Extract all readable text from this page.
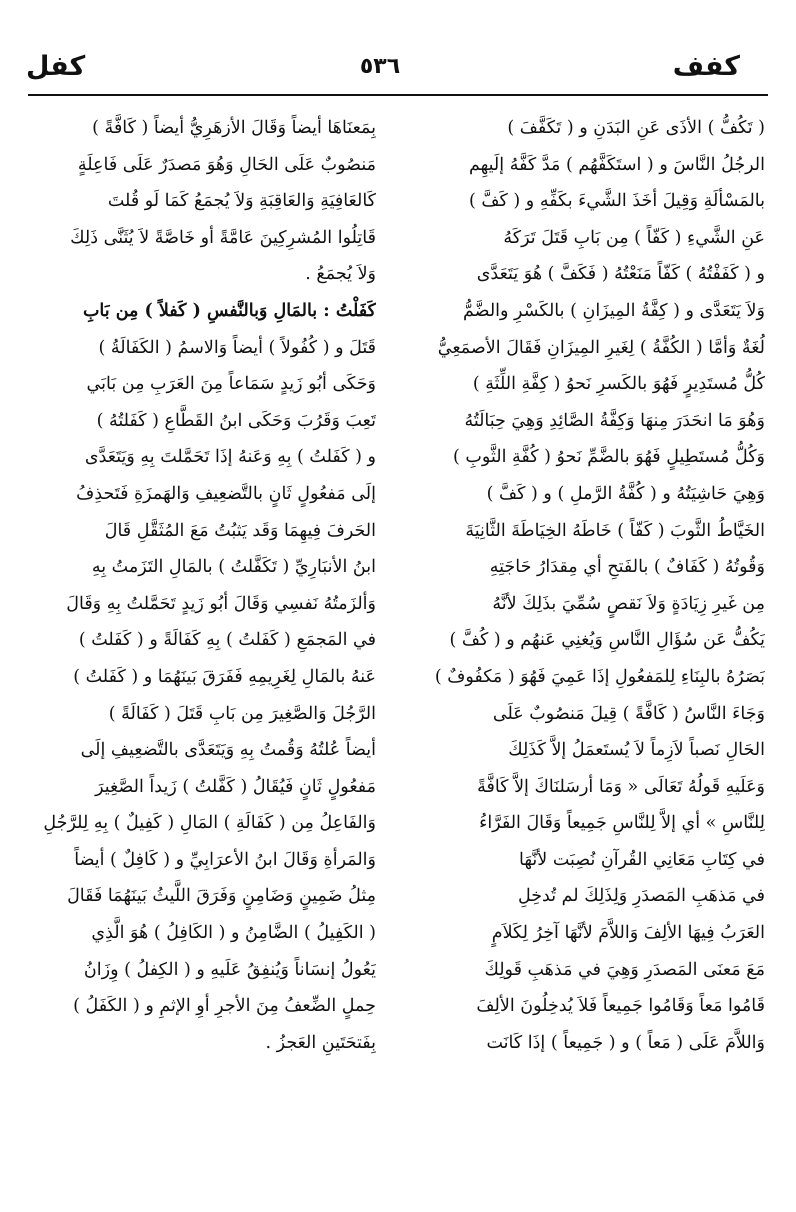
كفف
٥٣٦
كفل
( تَكُفُّ ) الأذَى عَنِ البَدَنِ و ( تَكَفَّفَ )
الرجُلُ النَّاسَ و ( استَكَفَّهُم ) مَدَّ كَفَّهُ إلَيهِم
بالمَسْألَةِ وَقِيلَ أخَذَ الشَّيءَ بكَفِّهِ و ( كَفَّ )
عَنِ الشَّيءِ ( كَفّاً ) مِن بَابِ قَتَلَ تَرَكَهُ
و ( كَفَفْتُهُ ) كَفّاً مَنَعْتُهُ ( فَكَفَّ ) هُوَ يَتَعَدَّى
وَلاَ يَتَعَدَّى و ( كِفَّةُ المِيزَانِ ) بالكَسْرِ والضَّمُّ
لُغَةٌ وَأمَّا ( الكُفَّةُ ) لِغَيرِ المِيزَانِ فَقَالَ الأصمَعِيُّ
كُلُّ مُستَدِيرٍ فَهُوَ بالكَسرِ نَحوُ ( كِفَّةِ اللِّثَةِ )
وَهُوَ مَا انحَدَرَ مِنهَا وَكِفَّةُ الصَّائِدِ وَهِيَ حِبَالَتُهُ
وَكُلُّ مُستَطِيلٍ فَهُوَ بالضَّمِّ نَحوُ ( كُفَّةِ الثَّوبِ )
وَهِيَ حَاشِيَتُهُ و ( كُفَّةُ الرَّملِ ) و ( كَفَّ )
الخَيَّاطُ الثَّوبَ ( كَفّاً ) خَاطَهُ الخِيَاطَةَ الثَّانِيَةَ
وَقُوتُهُ ( كَفَافٌ ) بالفَتحِ أي مِقدَارُ حَاجَتِهِ
مِن غَيرِ زِيَادَةٍ وَلاَ نَقصٍ سُمِّيَ بذَلِكَ لأنَّهُ
يَكُفُّ عَن سُؤَالِ النَّاسِ وَيُغنِي عَنهُم و ( كُفَّ )
بَصَرُهُ بالبِنَاءِ لِلمَفعُولِ إذَا عَمِيَ فَهُوَ ( مَكفُوفٌ )
وَجَاءَ النَّاسُ ( كَافَّةً ) قِيلَ مَنصُوبٌ عَلَى
الحَالِ نَصباً لاَزِماً لاَ يُستَعمَلُ إلاَّ كَذَلِكَ
وَعَلَيهِ قَولُهُ تَعَالَى « وَمَا أرسَلنَاكَ إلاَّ كَافَّةً
لِلنَّاسِ » أي إلاَّ لِلنَّاسِ جَمِيعاً وَقَالَ الفَرَّاءُ
في كِتَابِ مَعَانِي القُرآنِ نُصِبَت لأنَّهَا
في مَذهَبِ المَصدَرِ وَلِذَلِكَ لم تُدخِلِ
العَرَبُ فِيهَا الألِفَ وَاللاَّمَ لأنَّهَا آخِرُ لِكَلاَمٍ
مَعَ مَعنَى المَصدَرِ وَهِيَ في مَذهَبِ قَولِكَ
قَامُوا مَعاً وَقَامُوا جَمِيعاً فَلاَ يُدخِلُونَ الألِفَ
وَاللاَّمَ عَلَى ( مَعاً ) و ( جَمِيعاً ) إذَا كَانَت
بِمَعنَاهَا أيضاً وَقَالَ الأزهَرِيُّ أيضاً ( كَافَّةً )
مَنصُوبٌ عَلَى الحَالِ وَهُوَ مَصدَرٌ عَلَى فَاعِلَةٍ
كَالعَافِيَةِ وَالعَاقِبَةِ وَلاَ يُجمَعُ كَمَا لَو قُلتَ
قَاتِلُوا المُشرِكِينَ عَامَّةً أو خَاصَّةً لاَ يُثَنَّى ذَلِكَ
وَلاَ يُجمَعُ .
كَفَلْتُ : بالمَالِ وَبالنَّفسِ ( كَفلاً ) مِن بَابِ
قَتَلَ و ( كُفُولاً ) أيضاً وَالاسمُ ( الكَفَالَةُ )
وَحَكَى أبُو زَيدٍ سَمَاعاً مِنَ العَرَبِ مِن بَابَي
تَعِبَ وَقَرُبَ وَحَكَى ابنُ القَطَّاعِ ( كَفَلتُهُ )
و ( كَفَلتُ ) بِهِ وَعَنهُ إذَا تَحَمَّلتَ بِهِ وَيَتَعَدَّى
إلَى مَفعُولٍ ثَانٍ بالتَّضعِيفِ وَالهَمزَةِ فَتَحذِفُ
الحَرفَ فِيهِمَا وَقَد يَثبُتُ مَعَ المُثَقَّلِ قَالَ
ابنُ الأنبَارِيِّ ( تَكَفَّلتُ ) بالمَالِ التَزَمتُ بِهِ
وَألزَمتُهُ نَفسِي وَقَالَ أبُو زَيدٍ تَحَمَّلتُ بِهِ وَقَالَ
في المَجمَعِ ( كَفَلتُ ) بِهِ كَفَالَةً و ( كَفَلتُ )
عَنهُ بالمَالِ لِغَرِيمِهِ فَفَرَقَ بَينَهُمَا و ( كَفَلتُ )
الرَّجُلَ وَالصَّغِيرَ مِن بَابِ قَتَلَ ( كَفَالَةً )
أيضاً عُلتُهُ وَقُمتُ بِهِ وَيَتَعَدَّى بالتَّضعِيفِ إلَى
مَفعُولٍ ثَانٍ فَيُقَالُ ( كَفَّلتُ ) زَيداً الصَّغِيرَ
وَالفَاعِلُ مِن ( كَفَالَةِ ) المَالِ ( كَفِيلٌ ) بِهِ لِلرَّجُلِ
وَالمَرأةِ وَقَالَ ابنُ الأعرَابِيِّ و ( كَافِلٌ ) أيضاً
مِثلُ ضَمِينٍ وَضَامِنٍ وَفَرَقَ اللَّيثُ بَينَهُمَا فَقَالَ
( الكَفِيلُ ) الضَّامِنُ و ( الكَافِلُ ) هُوَ الَّذِي
يَعُولُ إنسَاناً وَيُنفِقُ عَلَيهِ و ( الكِفلُ ) وِزَانُ
حِملٍ الضِّعفُ مِنَ الأجرِ أوِ الإثمِ و ( الكَفَلُ )
بِفَتحَتَينِ العَجزُ .
